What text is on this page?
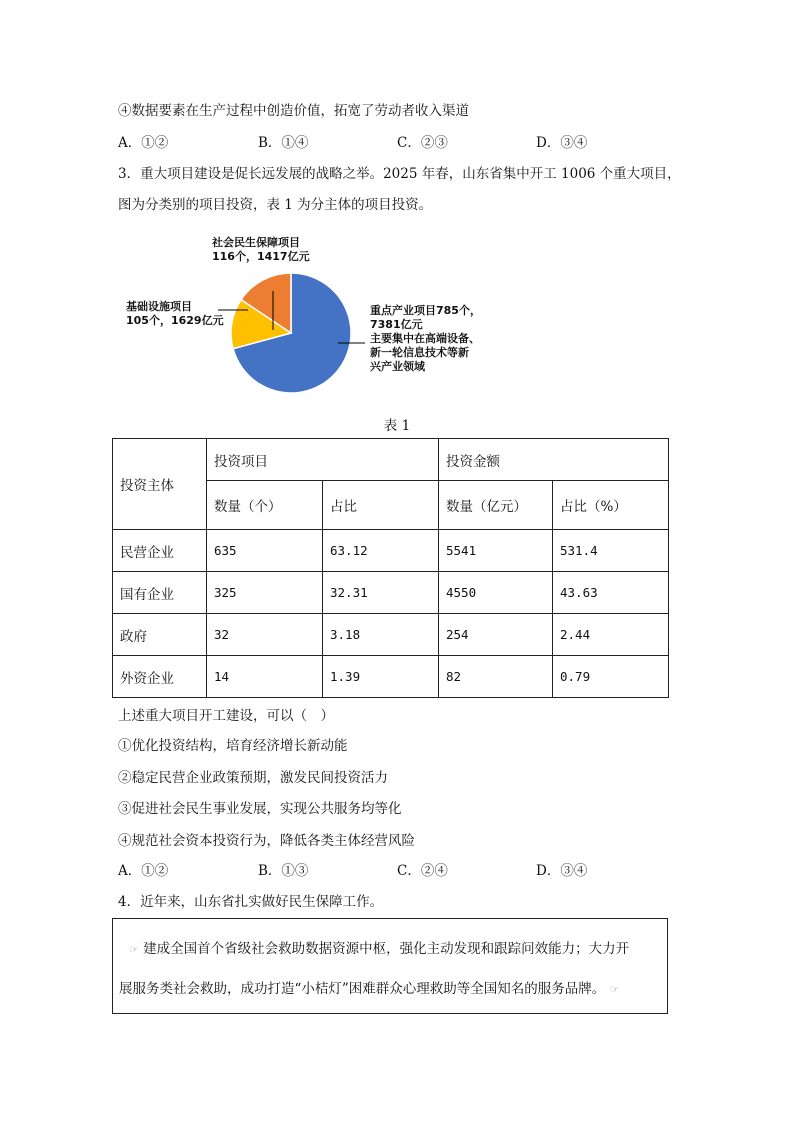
④数据要素在生产过程中创造价值，拓宽了劳动者收入渠道
A．①②	B．①④	C．②③	D．③④
3．重大项目建设是促长远发展的战略之举。2025 年春，山东省集中开工 1006 个重大项目，
图为分类别的项目投资，表 1 为分主体的项目投资。
社会民生保障项目
116个，1417亿元
基础设施项目
105个，1629亿元
重点产业项目785个，
7381亿元
主要集中在高端设备、
新一轮信息技术等新
兴产业领域
表 1
投资主体	投资项目		投资金额	
	数量（个）	占比	数量（亿元）	占比（%）
民营企业	635	63.12	5541	531.4
国有企业	325	32.31	4550	43.63
政府	32	3.18	254	2.44
外资企业	14	1.39	82	0.79
上述重大项目开工建设，可以（　）
①优化投资结构，培育经济增长新动能
②稳定民营企业政策预期，激发民间投资活力
③促进社会民生事业发展，实现公共服务均等化
④规范社会资本投资行为，降低各类主体经营风险
A．①②	B．①③	C．②④	D．③④
4．近年来，山东省扎实做好民生保障工作。
☞ 建成全国首个省级社会救助数据资源中枢，强化主动发现和跟踪问效能力；大力开
展服务类社会救助，成功打造“小桔灯”困难群众心理救助等全国知名的服务品牌。 ☞
